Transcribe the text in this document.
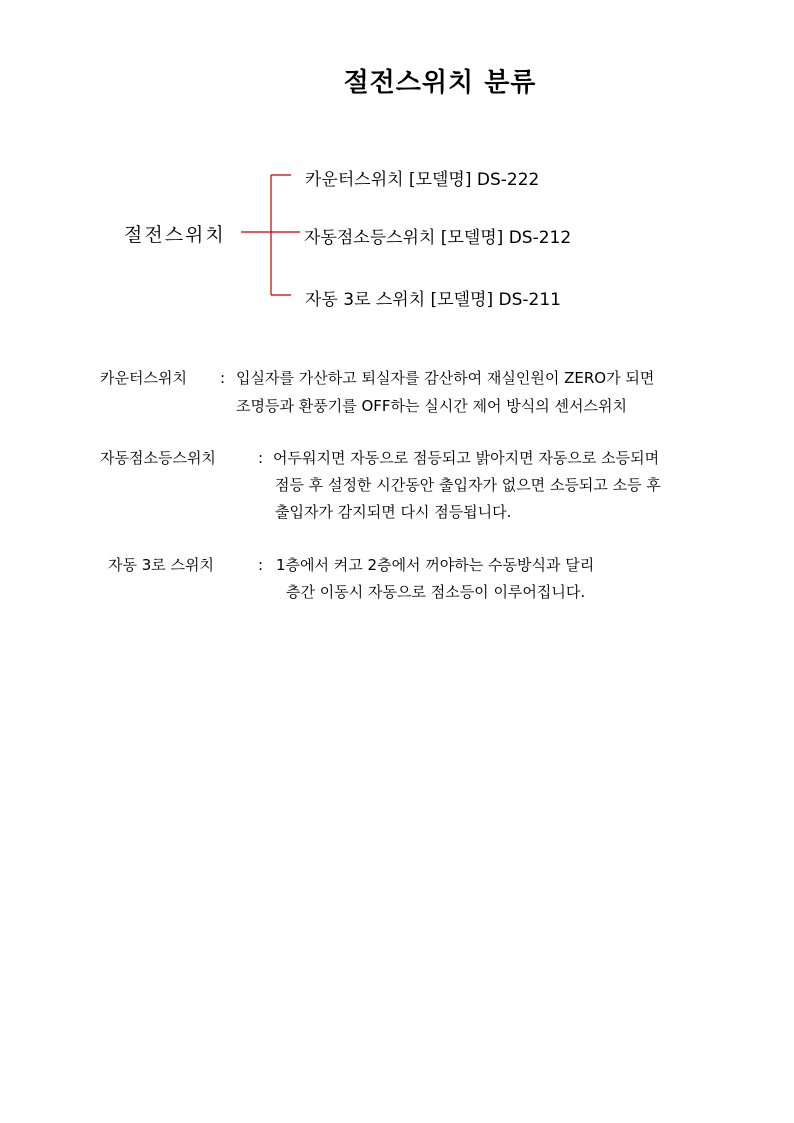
절전스위치 분류
절전스위치
카운터스위치 [모델명] DS-222
자동점소등스위치 [모델명] DS-212
자동 3로 스위치 [모델명] DS-211
카운터스위치 : 입실자를 가산하고 퇴실자를 감산하여 재실인원이 ZERO가 되면
조명등과 환풍기를 OFF하는 실시간 제어 방식의 센서스위치
자동점소등스위치	: 어두워지면 자동으로 점등되고 밝아지면 자동으로 소등되며
점등 후 설정한 시간동안 출입자가 없으면 소등되고 소등 후
출입자가 감지되면 다시 점등됩니다.
자동 3로 스위치	: 1층에서 켜고 2층에서 꺼야하는 수동방식과 달리
층간 이동시 자동으로 점소등이 이루어집니다.
